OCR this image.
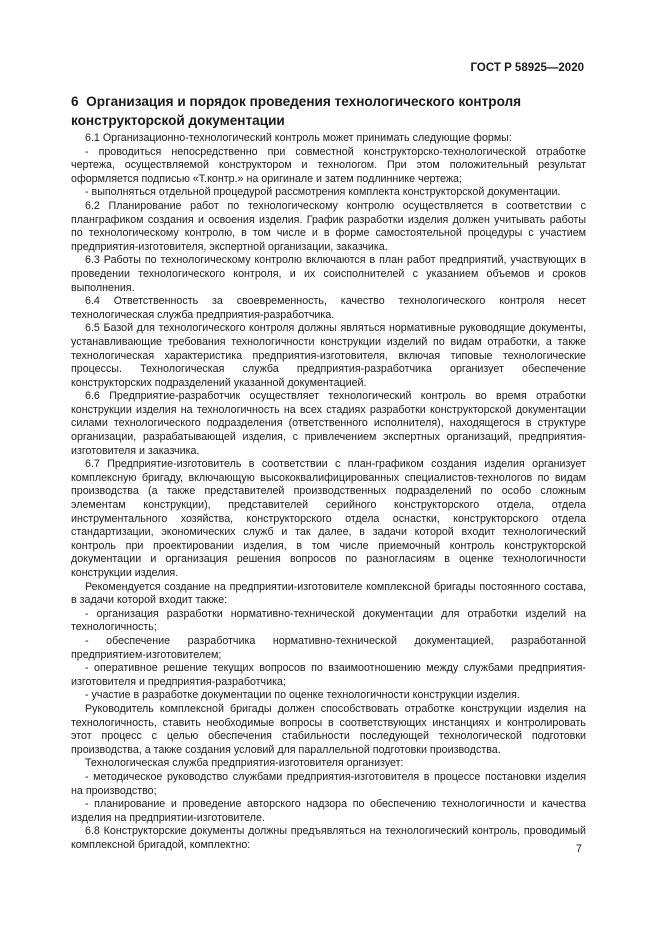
ГОСТ Р 58925—2020
6 Организация и порядок проведения технологического контроля конструкторской документации

6.1 Организационно-технологический контроль может принимать следующие формы:

- проводиться непосредственно при совместной конструкторско-технологической отработке чертежа, осуществляемой конструктором и технологом. При этом положительный результат оформляется подписью «Т.контр.» на оригинале и затем подлиннике чертежа;

- выполняться отдельной процедурой рассмотрения комплекта конструкторской документации.

6.2 Планирование работ по технологическому контролю осуществляется в соответствии с планграфиком создания и освоения изделия. График разработки изделия должен учитывать работы по технологическому контролю, в том числе и в форме самостоятельной процедуры с участием предприятия-изготовителя, экспертной организации, заказчика.

6.3 Работы по технологическому контролю включаются в план работ предприятий, участвующих в проведении технологического контроля, и их соисполнителей с указанием объемов и сроков выполнения.

6.4 Ответственность за своевременность, качество технологического контроля несет технологическая служба предприятия-разработчика.

6.5 Базой для технологического контроля должны являться нормативные руководящие документы, устанавливающие требования технологичности конструкции изделий по видам отработки, а также технологическая характеристика предприятия-изготовителя, включая типовые технологические процессы. Технологическая служба предприятия-разработчика организует обеспечение конструкторских подразделений указанной документацией.

6.6 Предприятие-разработчик осуществляет технологический контроль во время отработки конструкции изделия на технологичность на всех стадиях разработки конструкторской документации силами технологического подразделения (ответственного исполнителя), находящегося в структуре организации, разрабатывающей изделия, с привлечением экспертных организаций, предприятия-изготовителя и заказчика.

6.7 Предприятие-изготовитель в соответствии с план-графиком создания изделия организует комплексную бригаду, включающую высококвалифицированных специалистов-технологов по видам производства (а также представителей производственных подразделений по особо сложным элементам конструкции), представителей серийного конструкторского отдела, отдела инструментального хозяйства, конструкторского отдела оснастки, конструкторского отдела стандартизации, экономических служб и так далее, в задачи которой входит технологический контроль при проектировании изделия, в том числе приемочный контроль конструкторской документации и организация решения вопросов по разногласиям в оценке технологичности конструкции изделия.

Рекомендуется создание на предприятии-изготовителе комплексной бригады постоянного состава, в задачи которой входит также:

- организация разработки нормативно-технической документации для отработки изделий на технологичность;

- обеспечение разработчика нормативно-технической документацией, разработанной предприятием-изготовителем;

- оперативное решение текущих вопросов по взаимоотношению между службами предприятия-изготовителя и предприятия-разработчика;

- участие в разработке документации по оценке технологичности конструкции изделия.

Руководитель комплексной бригады должен способствовать отработке конструкции изделия на технологичность, ставить необходимые вопросы в соответствующих инстанциях и контролировать этот процесс с целью обеспечения стабильности последующей технологической подготовки производства, а также создания условий для параллельной подготовки производства.

Технологическая служба предприятия-изготовителя организует:

- методическое руководство службами предприятия-изготовителя в процессе постановки изделия на производство;

- планирование и проведение авторского надзора по обеспечению технологичности и качества изделия на предприятии-изготовителе.

6.8 Конструкторские документы должны предъявляться на технологический контроль, проводимый комплексной бригадой, комплектно:	7
